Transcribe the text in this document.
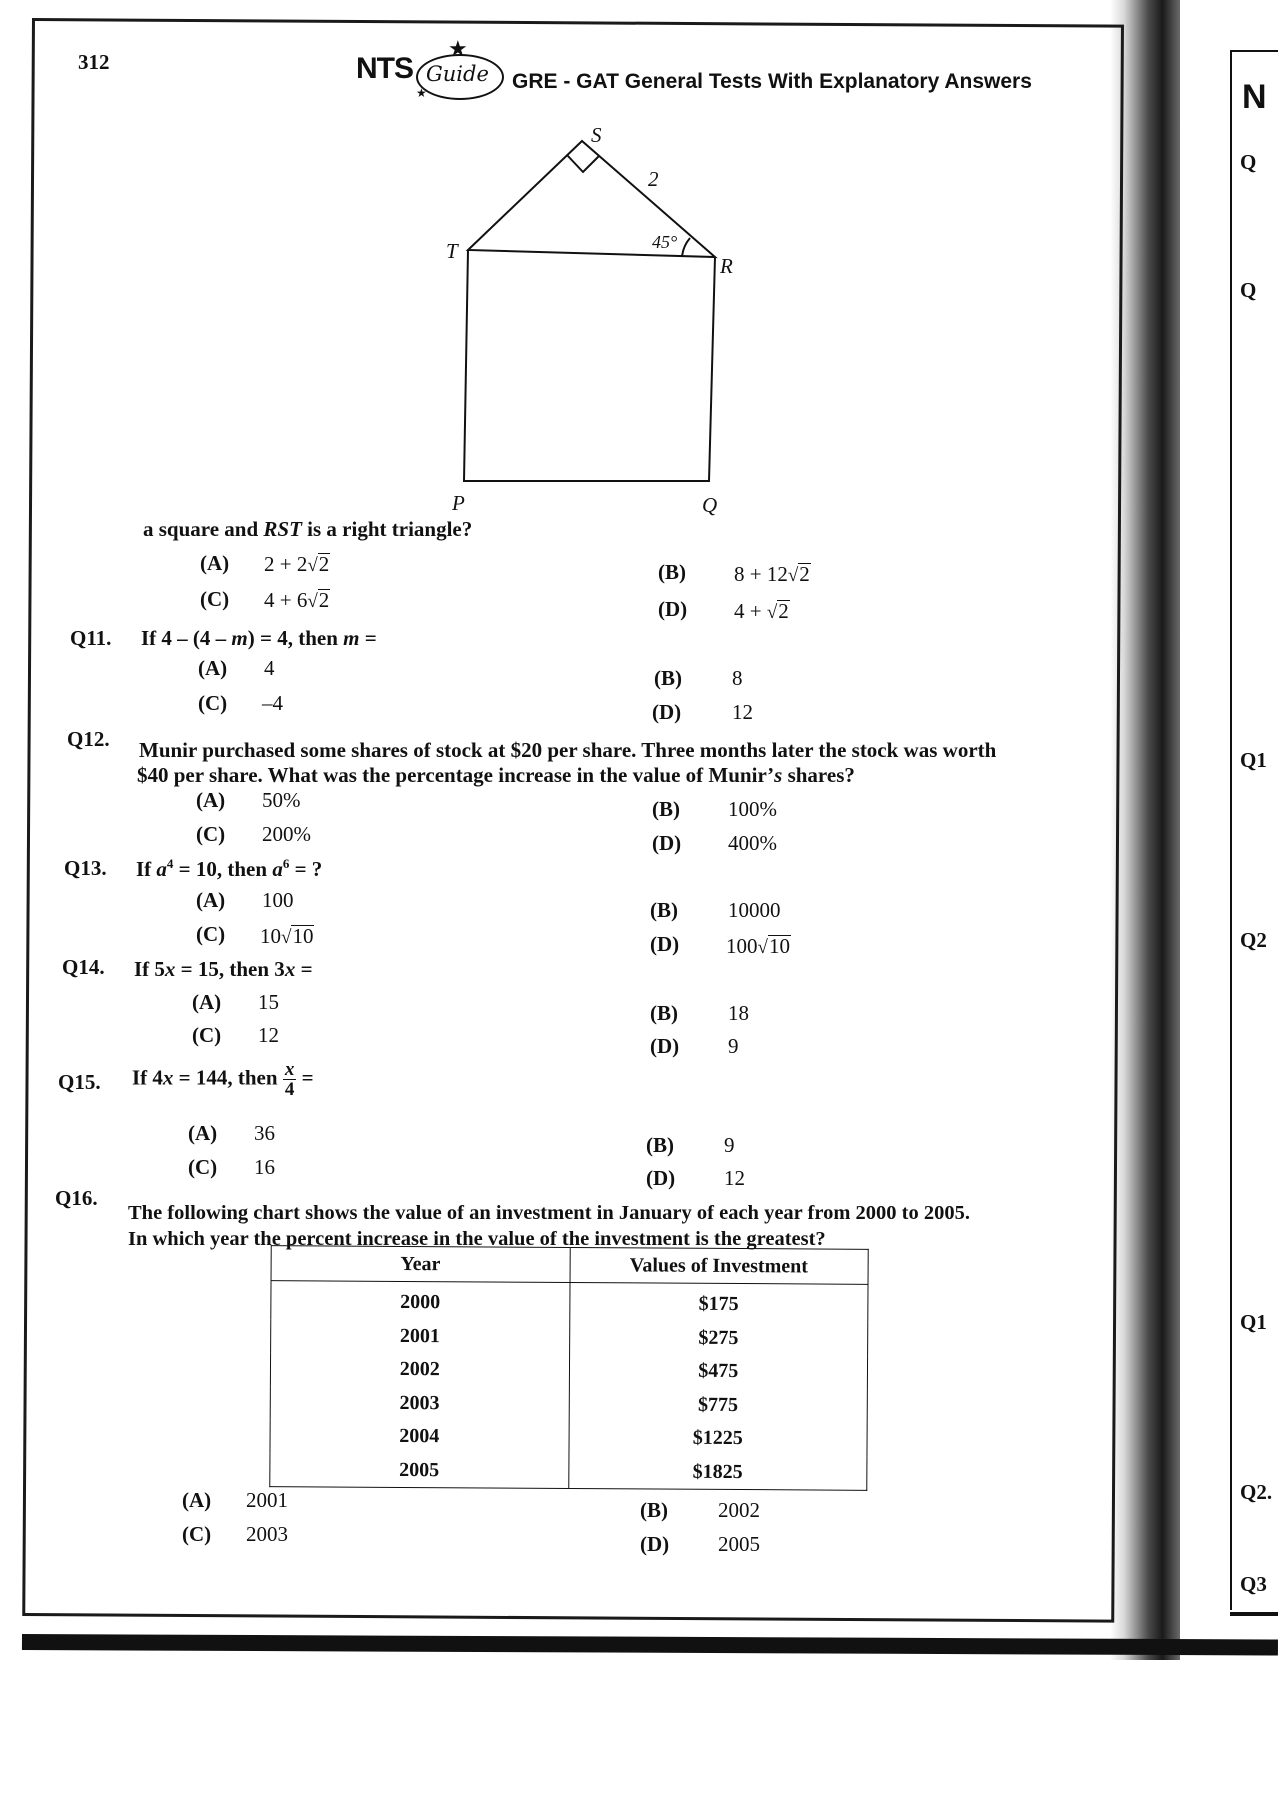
N
Q
Q
Q1
Q2
Q1
Q2.
Q3
312	NTS Guide
★
★	GRE - GAT General Tests With Explanatory Answers
S
T
R
P	Q
2
45°
a square and RST is a right triangle?
(A) 2 + 2√2	(B) 8 + 12√2
(C) 4 + 6√2	(D) 4 + √2
Q11. If 4 – (4 – m) = 4, then m =
(A) 4	(B) 8
(C) –4	(D) 12
Q12. Munir purchased some shares of stock at $20 per share. Three months later the stock was worth
$40 per share. What was the percentage increase in the value of Munir’s shares?
(A) 50%	(B) 100%
(C) 200%	(D) 400%
Q13. If $a^4 = 10$, then $a^6$ = ?
(A) 100	(B) 10000
(C) 10√10	(D) 100√10
Q14. If 5x = 15, then 3x =
(A) 15	(B) 18
(C) 12	(D) 9
Q15. If 4x = 144, then $\frac{x}{4}$ =
(A) 36	(B) 9
(C) 16	(D) 12
Q16.
The following chart shows the value of an investment in January of each year from 2000 to 2005.
In which year the percent increase in the value of the investment is the greatest?
Year	Values of Investment
2000	$175
2001	$275
2002	$475
2003	$775
2004	$1225
2005	$1825
(A) 2001	(B) 2002
(C) 2003	(D) 2005
